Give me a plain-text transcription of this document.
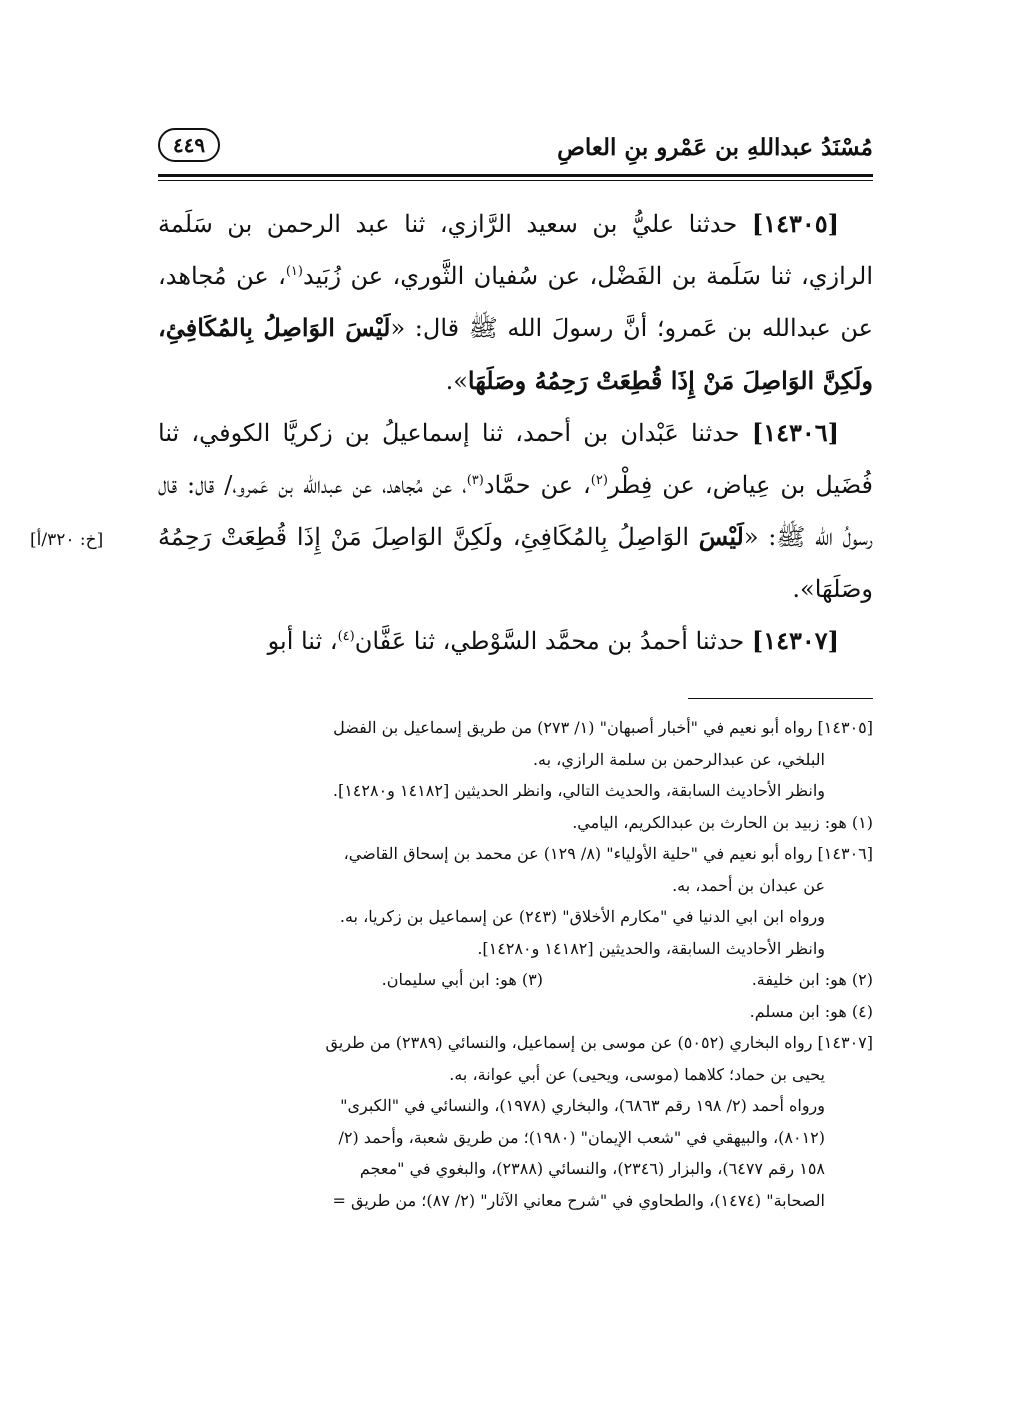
مُسْنَدُ عبداللهِ بن عَمْرو بنِ العاصِ
٤٤٩

[١٤٣٠٥] حدثنا عليُّ بن سعيد الرَّازي، ثنا عبد الرحمن بن سَلَمة الرازي، ثنا سَلَمة بن الفَضْل، عن سُفيان الثَّوري، عن زُبَيد$^{(١)}$، عن مُجاهد، عن عبدالله بن عَمرو؛ أنَّ رسولَ الله ﷺ قال: «لَيْسَ الوَاصِلُ بِالمُكَافِئِ، ولَكِنَّ الوَاصِلَ مَنْ إِذَا قُطِعَتْ رَحِمُهُ وصَلَهَا».

[١٤٣٠٦] حدثنا عَبْدان بن أحمد، ثنا إسماعيلُ بن زكريَّا الكوفي، ثنا فُضَيل بن عِياض، عن فِطْر$^{(٢)}$، عن حمَّاد$^{(٣)}$، عن مُجاهد، عن عبدالله بن عَمرو،/ قال: قال رسولُ الله ﷺ: «لَيْسَ الوَاصِلُ بِالمُكَافِئِ، ولَكِنَّ الوَاصِلَ مَنْ إِذَا قُطِعَتْ رَحِمُهُ وصَلَهَا».

[١٤٣٠٧] حدثنا أحمدُ بن محمَّد السَّوْطي، ثنا عَفَّان$^{(٤)}$، ثنا أبو

[خ: ٣٢٠/أ]
[١٤٣٠٥] رواه أبو نعيم في "أخبار أصبهان" (١/ ٢٧٣) من طريق إسماعيل بن الفضل
البلخي، عن عبدالرحمن بن سلمة الرازي، به.
وانظر الأحاديث السابقة، والحديث التالي، وانظر الحديثين [١٤١٨٢ و١٤٢٨٠].
(١) هو: زبيد بن الحارث بن عبدالكريم، اليامي.
[١٤٣٠٦] رواه أبو نعيم في "حلية الأولياء" (٨/ ١٢٩) عن محمد بن إسحاق القاضي،
عن عبدان بن أحمد، به.
ورواه ابن ابي الدنيا في "مكارم الأخلاق" (٢٤٣) عن إسماعيل بن زكريا، به.
وانظر الأحاديث السابقة، والحديثين [١٤١٨٢ و١٤٢٨٠].
(٢) هو: ابن خليفة.
(٣) هو: ابن أبي سليمان.
(٤) هو: ابن مسلم.
[١٤٣٠٧] رواه البخاري (٥٠٥٢) عن موسى بن إسماعيل، والنسائي (٢٣٨٩) من طريق
يحيى بن حماد؛ كلاهما (موسى، ويحيى) عن أبي عوانة، به.
ورواه أحمد (٢/ ١٩٨ رقم ٦٨٦٣)، والبخاري (١٩٧٨)، والنسائي في "الكبرى"
(٨٠١٢)، والبيهقي في "شعب الإيمان" (١٩٨٠)؛ من طريق شعبة، وأحمد (٢/
١٥٨ رقم ٦٤٧٧)، والبزار (٢٣٤٦)، والنسائي (٢٣٨٨)، والبغوي في "معجم
الصحابة" (١٤٧٤)، والطحاوي في "شرح معاني الآثار" (٢/ ٨٧)؛ من طريق =
